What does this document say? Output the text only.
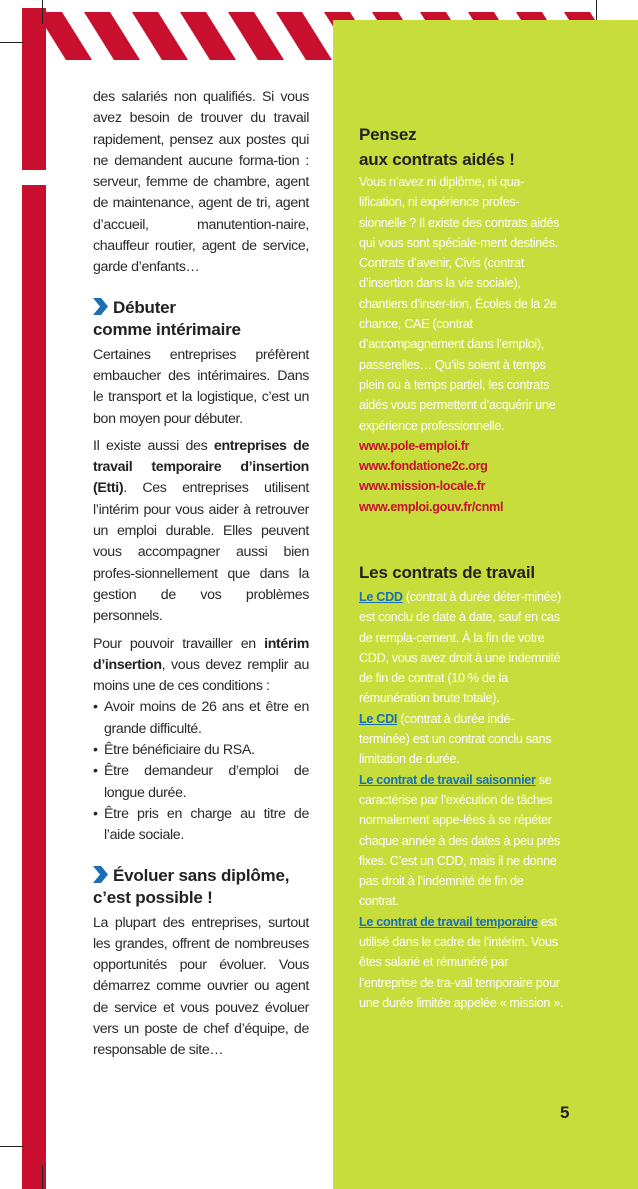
des salariés non qualifiés. Si vous avez besoin de trouver du travail rapidement, pensez aux postes qui ne demandent aucune forma-tion : serveur, femme de chambre, agent de maintenance, agent de tri, agent d’accueil, manutention-naire, chauffeur routier, agent de service, garde d’enfants…

Débuter
comme intérimaire

Certaines entreprises préfèrent embaucher des intérimaires. Dans le transport et la logistique, c’est un bon moyen pour débuter.

Il existe aussi des entreprises de travail temporaire d’insertion (Etti). Ces entreprises utilisent l’intérim pour vous aider à retrouver un emploi durable. Elles peuvent vous accompagner aussi bien profes-sionnellement que dans la gestion de vos problèmes personnels.

Pour pouvoir travailler en intérim d’insertion, vous devez remplir au moins une de ces conditions :

• Avoir moins de 26 ans et être en grande difficulté.
• Être bénéficiaire du RSA.
• Être demandeur d’emploi de longue durée.
• Être pris en charge au titre de l’aide sociale.
Évoluer sans diplôme,
c’est possible !

La plupart des entreprises, surtout les grandes, offrent de nombreuses opportunités pour évoluer. Vous démarrez comme ouvrier ou agent de service et vous pouvez évoluer vers un poste de chef d’équipe, de responsable de site…

Pensez
aux contrats aidés !

Vous n’avez ni diplôme, ni qua-lification, ni expérience profes-sionnelle ? Il existe des contrats aidés qui vous sont spéciale-ment destinés. Contrats d’avenir, Civis (contrat d’insertion dans la vie sociale), chantiers d’inser-tion, Écoles de la 2e chance, CAE (contrat d’accompagnement dans l’emploi), passerelles… Qu’ils soient à temps plein ou à temps partiel, les contrats aidés vous permettent d’acquérir une expérience professionnelle.

www.pole-emploi.fr
www.fondatione2c.org
www.mission-locale.fr
www.emploi.gouv.fr/cnml
Les contrats de travail

Le CDD (contrat à durée déter-minée) est conclu de date à date, sauf en cas de rempla-cement. À la fin de votre CDD, vous avez droit à une indemnité de fin de contrat (10 % de la rémunération brute totale).
Le CDI (contrat à durée indé-terminée) est un contrat conclu sans limitation de durée.
Le contrat de travail saisonnier se caractérise par l’exécution de tâches normalement appe-lées à se répéter chaque année à des dates à peu près fixes. C’est un CDD, mais il ne donne pas droit à l’indemnité de fin de contrat.
Le contrat de travail temporaire est utilisé dans le cadre de l’intérim. Vous êtes salarié et rémunéré par l’entreprise de tra-vail temporaire pour une durée limitée appelée « mission ».

5
